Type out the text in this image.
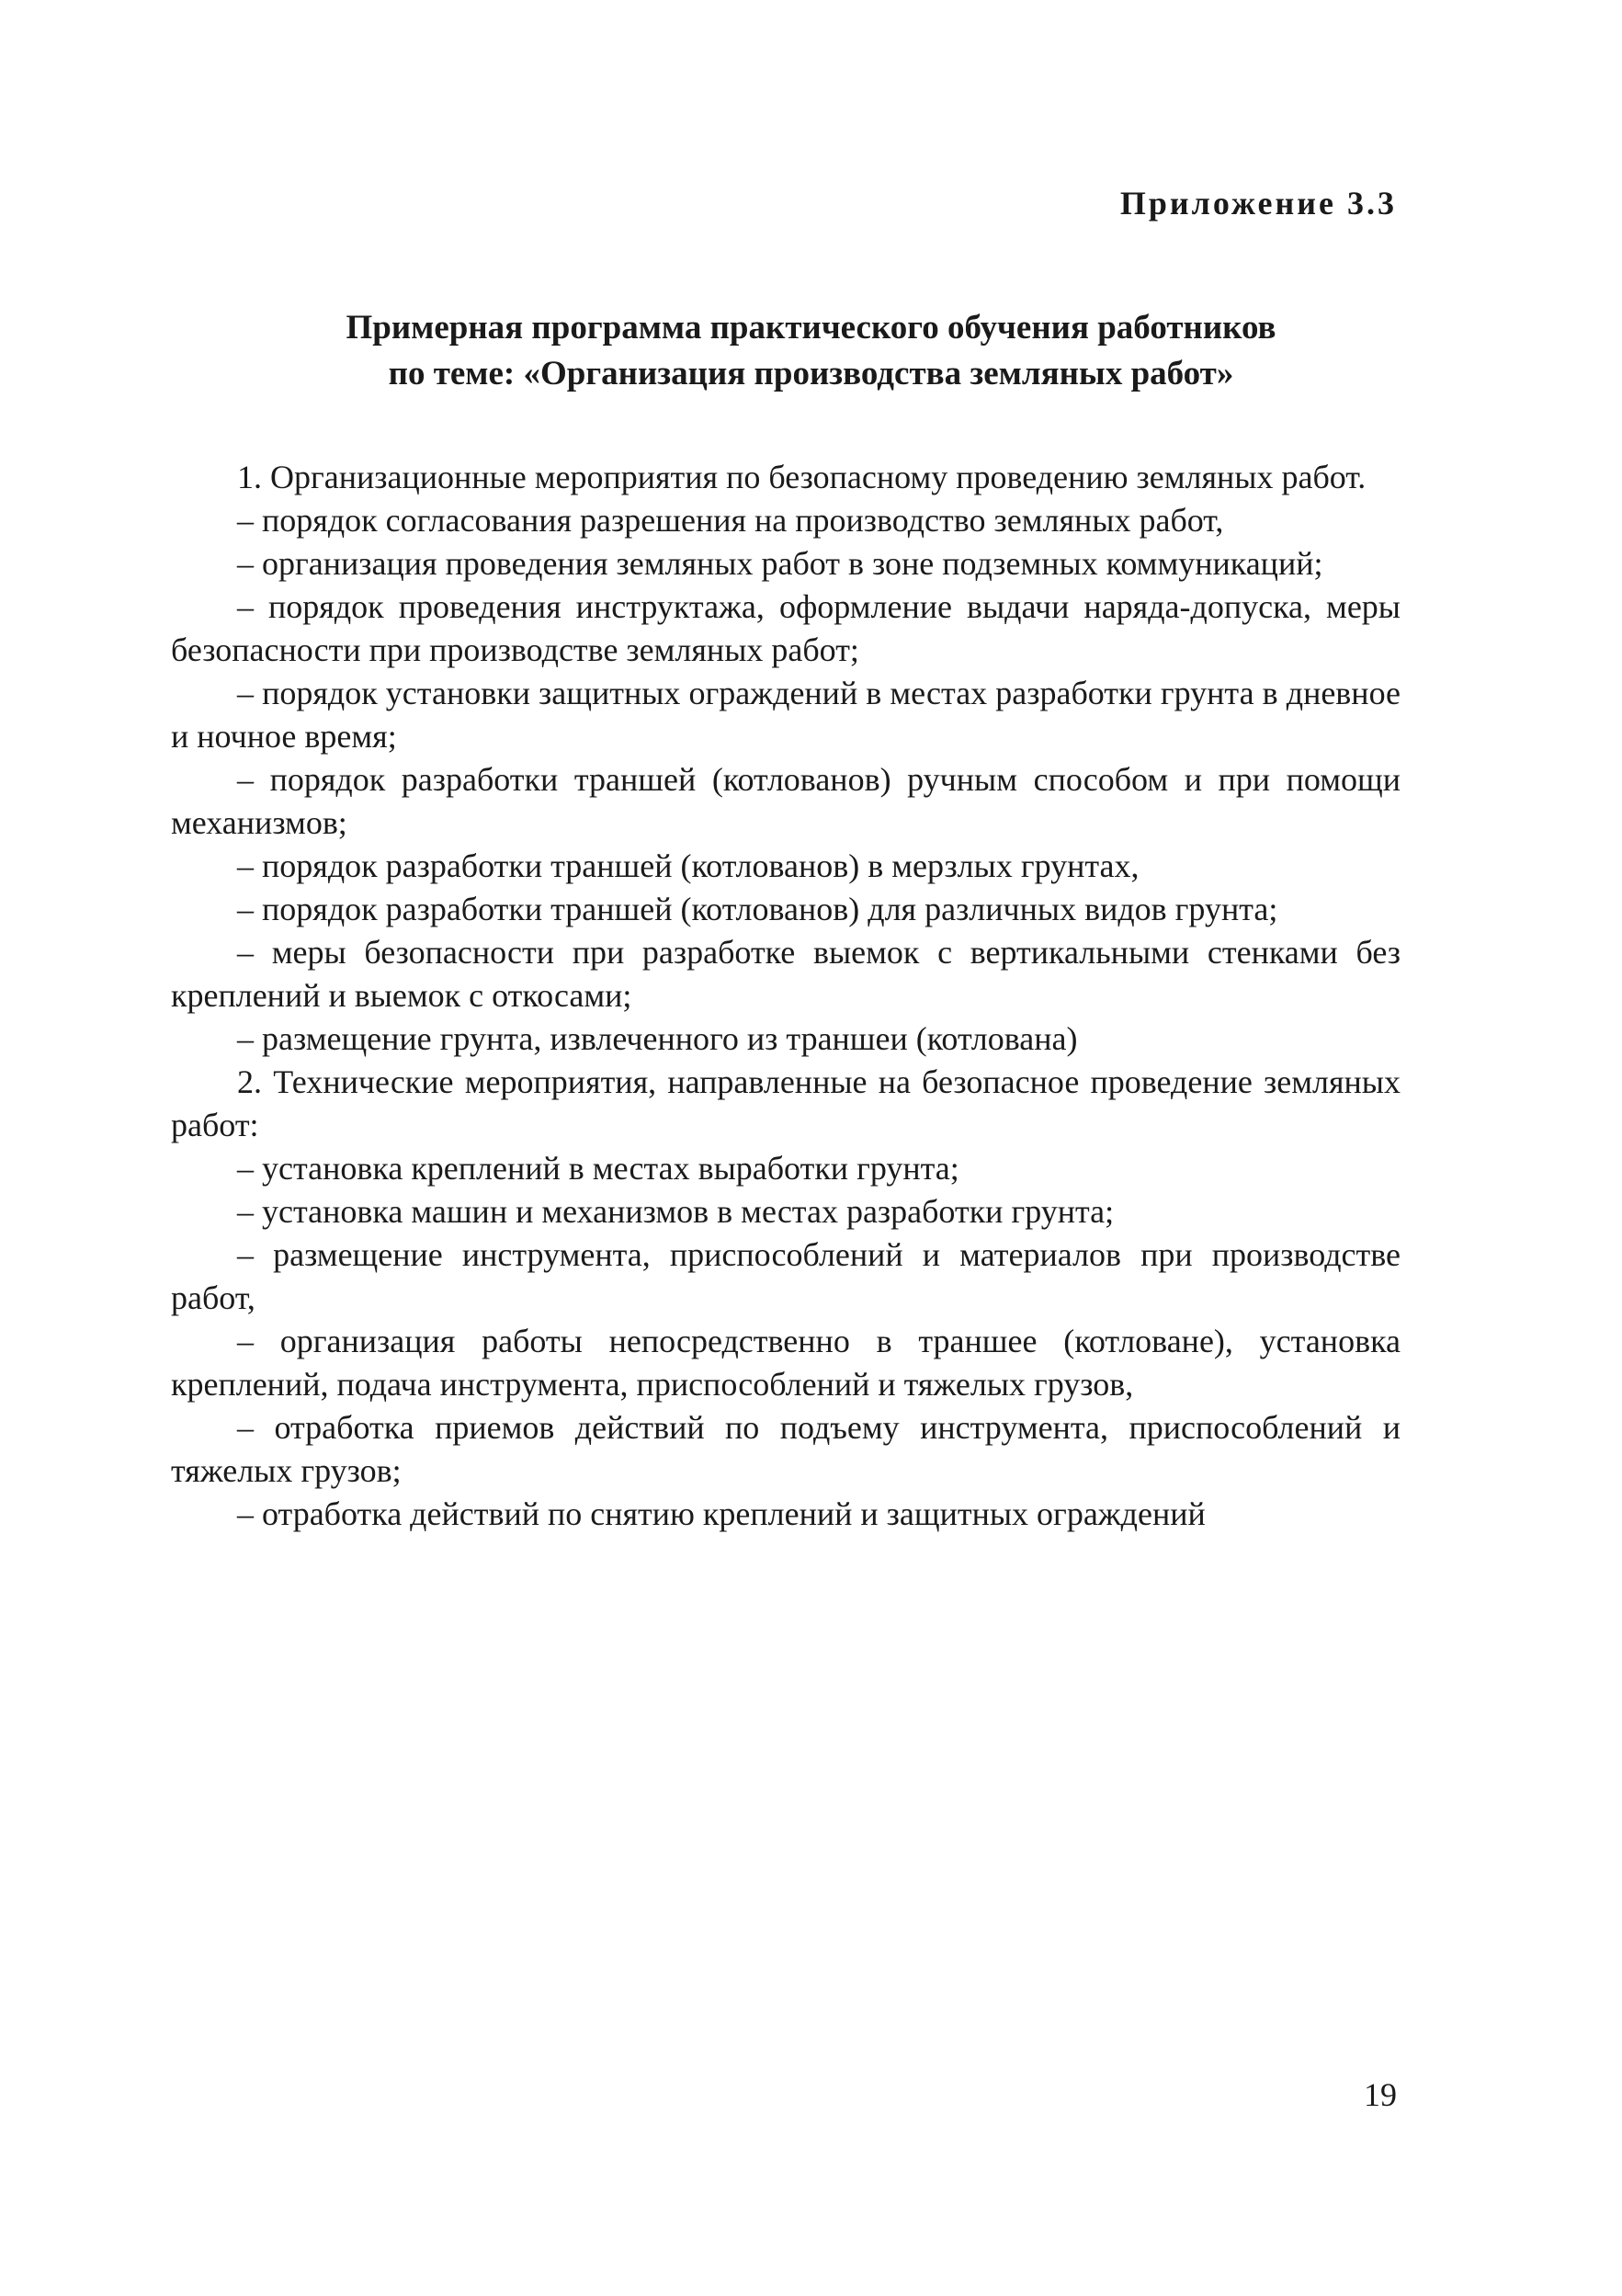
Приложение 3.3
Примерная программа практического обучения работников
по теме: «Организация производства земляных работ»

1. Организационные мероприятия по безопасному проведению земляных работ.

– порядок согласования разрешения на производство земляных работ,

– организация проведения земляных работ в зоне подземных коммуникаций;

– порядок проведения инструктажа, оформление выдачи наряда-допуска, меры безопасности при производстве земляных работ;

– порядок установки защитных ограждений в местах разработки грунта в дневное и ночное время;

– порядок разработки траншей (котлованов) ручным способом и при помощи механизмов;

– порядок разработки траншей (котлованов) в мерзлых грунтах,

– порядок разработки траншей (котлованов) для различных видов грунта;

– меры безопасности при разработке выемок с вертикальными стенками без креплений и выемок с откосами;

– размещение грунта, извлеченного из траншеи (котлована)

2. Технические мероприятия, направленные на безопасное проведение земляных работ:

– установка креплений в местах выработки грунта;

– установка машин и механизмов в местах разработки грунта;

– размещение инструмента, приспособлений и материалов при производстве работ,

– организация работы непосредственно в траншее (котловане), установка креплений, подача инструмента, приспособлений и тяжелых грузов,

– отработка приемов действий по подъему инструмента, приспособлений и тяжелых грузов;

– отработка действий по снятию креплений и защитных ограждений

19
